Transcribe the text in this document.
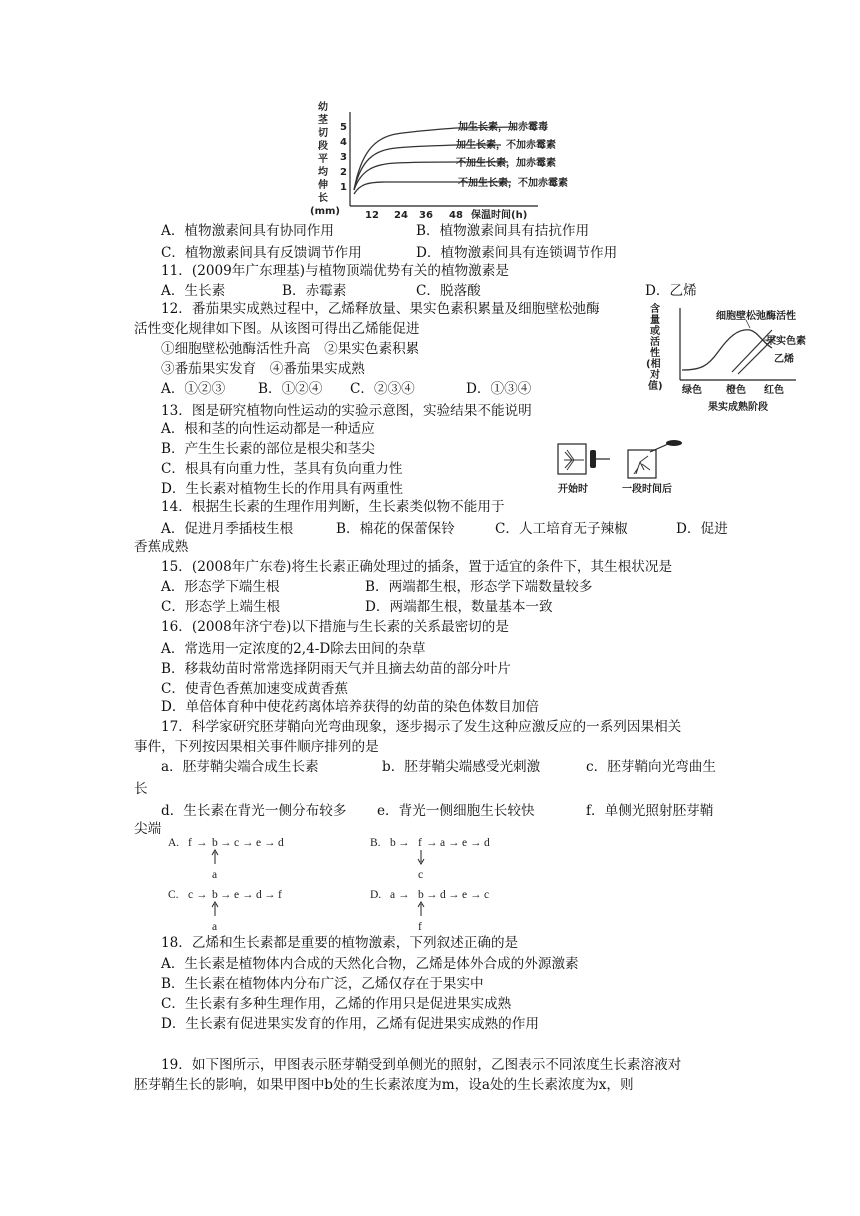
幼
茎
切
段
平
均
伸
长
(mm)
5
4
3
2
1
12 24 36 48 保温时间(h)
加生长素，加赤霉毒
加生长素，不加赤霉素
不加生长素，加赤霉素
不加生长素，不加赤霉素
A．植物激素间具有协同作用	B．植物激素间具有拮抗作用
C．植物激素间具有反馈调节作用	D．植物激素间具有连锁调节作用
11．(2009年广东理基)与植物顶端优势有关的植物激素是
A．生长素	B．赤霉素	C．脱落酸	D．乙烯
12．番茄果实成熟过程中，乙烯释放量、果实色素积累量及细胞壁松弛酶
活性变化规律如下图。从该图可得出乙烯能促进
①细胞壁松弛酶活性升高　②果实色素积累
③番茄果实发育　④番茄果实成熟
A．①②③ B．①②④ C．②③④	D．①③④
含
量
或
活
性
(相
对
值)
细胞壁松弛酶活性
果实色素
乙烯
绿色 橙色 红色
果实成熟阶段
13．图是研究植物向性运动的实验示意图，实验结果不能说明
A．根和茎的向性运动都是一种适应
B．产生生长素的部位是根尖和茎尖
C．根具有向重力性，茎具有负向重力性
D．生长素对植物生长的作用具有两重性	开始时	一段时间后
14．根据生长素的生理作用判断，生长素类似物不能用于
A．促进月季插枝生根	B．棉花的保蕾保铃	C．人工培育无子辣椒	D．促进
香蕉成熟
15．(2008年广东卷)将生长素正确处理过的插条，置于适宜的条件下，其生根状况是
A．形态学下端生根	B．两端都生根，形态学下端数量较多
C．形态学上端生根	D．两端都生根，数量基本一致
16．(2008年济宁卷)以下措施与生长素的关系最密切的是
A．常选用一定浓度的2,4-D除去田间的杂草
B．移栽幼苗时常常选择阴雨天气并且摘去幼苗的部分叶片
C．使青色香蕉加速变成黄香蕉
D．单倍体育种中使花药离体培养获得的幼苗的染色体数目加倍
17．科学家研究胚芽鞘向光弯曲现象，逐步揭示了发生这种应激反应的一系列因果相关
事件，下列按因果相关事件顺序排列的是
a．胚芽鞘尖端合成生长素	b．胚芽鞘尖端感受光刺激	c．胚芽鞘向光弯曲生
长
d．生长素在背光一侧分布较多 e．背光一侧细胞生长较快	f．单侧光照射胚芽鞘
尖端
A. f → b → c → e → d
a
B. b → f → a → e → d
c
C. c → b → e → d → f
a
D. a → b → d → e → c
f
18．乙烯和生长素都是重要的植物激素，下列叙述正确的是
A．生长素是植物体内合成的天然化合物，乙烯是体外合成的外源激素
B．生长素在植物体内分布广泛，乙烯仅存在于果实中
C．生长素有多种生理作用，乙烯的作用只是促进果实成熟
D．生长素有促进果实发育的作用，乙烯有促进果实成熟的作用
19．如下图所示，甲图表示胚芽鞘受到单侧光的照射，乙图表示不同浓度生长素溶液对
胚芽鞘生长的影响，如果甲图中b处的生长素浓度为m，设a处的生长素浓度为x，则
